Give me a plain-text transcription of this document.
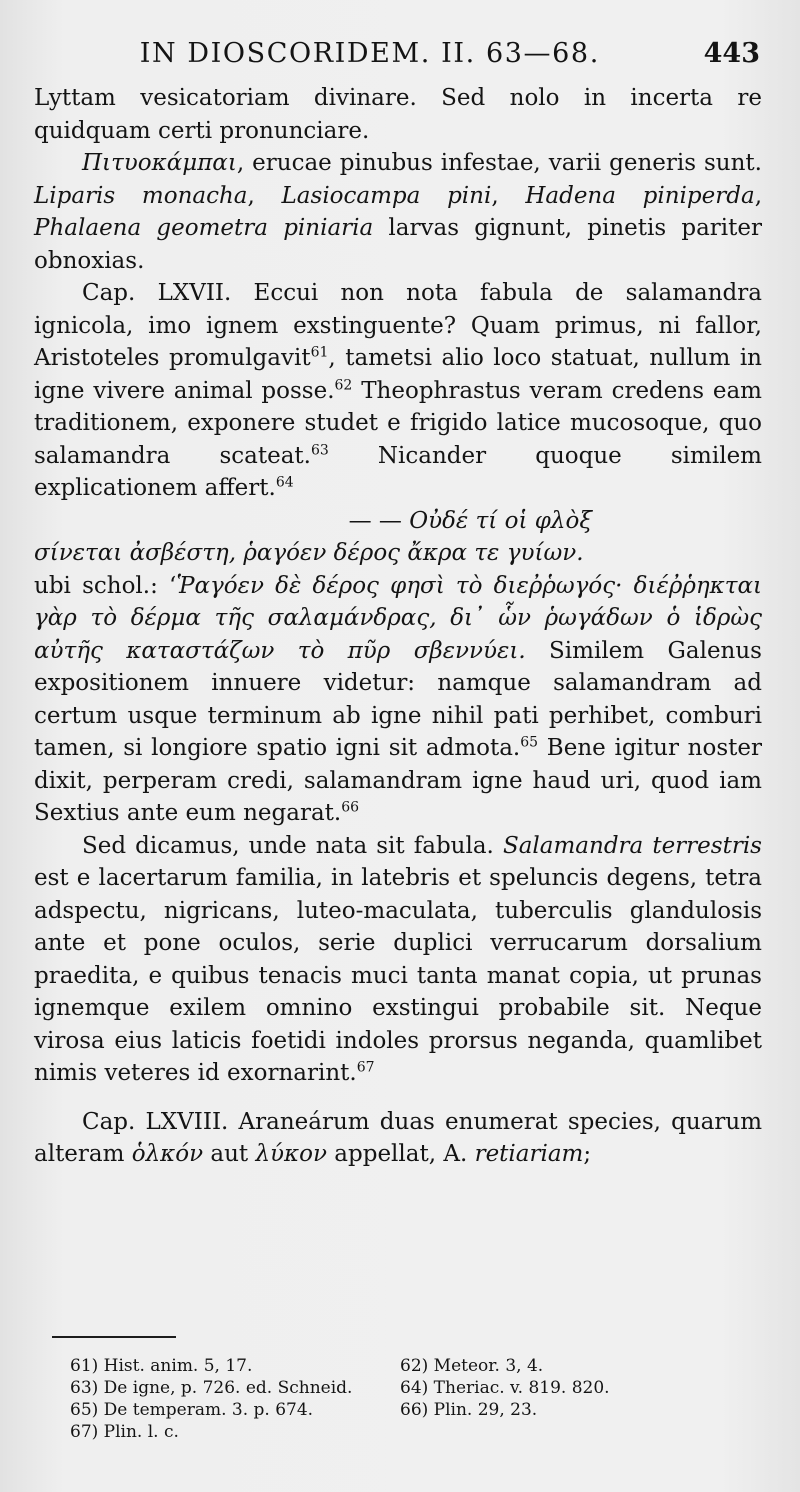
IN DIOSCORIDEM. II. 63—68.	443

Lyttam vesicatoriam divinare. Sed nolo in incerta re quidquam certi pronunciare.

Πιτυοκάμπαι, erucae pinubus infestae, varii generis sunt. Liparis monacha, Lasiocampa pini, Hadena piniperda, Phalaena geometra piniaria larvas gignunt, pinetis pariter obnoxias.

Cap. LXVII. Eccui non nota fabula de salamandra ignicola, imo ignem exstinguente? Quam primus, ni fallor, Aristoteles promulgavit$^{61}$, tametsi alio loco statuat, nullum in igne vivere animal posse.$^{62}$ Theophrastus veram credens eam traditionem, exponere studet e frigido latice mucosoque, quo salamandra scateat.$^{63}$ Nicander quoque similem explicationem affert.$^{64}$

— — Οὐδέ τί οἱ φλὸξ

σίνεται ἀσβέστη, ῥαγόεν δέρος ἄκρα τε γυίων.

ubi schol.: ‘Ῥαγόεν δὲ δέρος φησὶ τὸ διεῤῥωγός· διέῤῥηκται γὰρ τὸ δέρμα τῆς σαλαμάνδρας, δι᾽ ὧν ῥωγάδων ὁ ἱδρὼς αὐτῆς καταστάζων τὸ πῦρ σβεννύει. Similem Galenus expositionem innuere videtur: namque salamandram ad certum usque terminum ab igne nihil pati perhibet, comburi tamen, si longiore spatio igni sit admota.$^{65}$ Bene igitur noster dixit, perperam credi, salamandram igne haud uri, quod iam Sextius ante eum negarat.$^{66}$

Sed dicamus, unde nata sit fabula. Salamandra terrestris est e lacertarum familia, in latebris et speluncis degens, tetra adspectu, nigricans, luteo-maculata, tuberculis glandulosis ante et pone oculos, serie duplici verrucarum dorsalium praedita, e quibus tenacis muci tanta manat copia, ut prunas ignemque exilem omnino exstingui probabile sit. Neque virosa eius laticis foetidi indoles prorsus neganda, quamlibet nimis veteres id exornarint.$^{67}$

Cap. LXVIII. Araneárum duas enumerat species, quarum alteram ὁλκόν aut λύκον appellat, A. retiariam;

61) Hist. anim. 5, 17.	62) Meteor. 3, 4.
63) De igne, p. 726. ed. Schneid.	64) Theriac. v. 819. 820.
65) De temperam. 3. p. 674.	66) Plin. 29, 23.
67) Plin. l. c.
